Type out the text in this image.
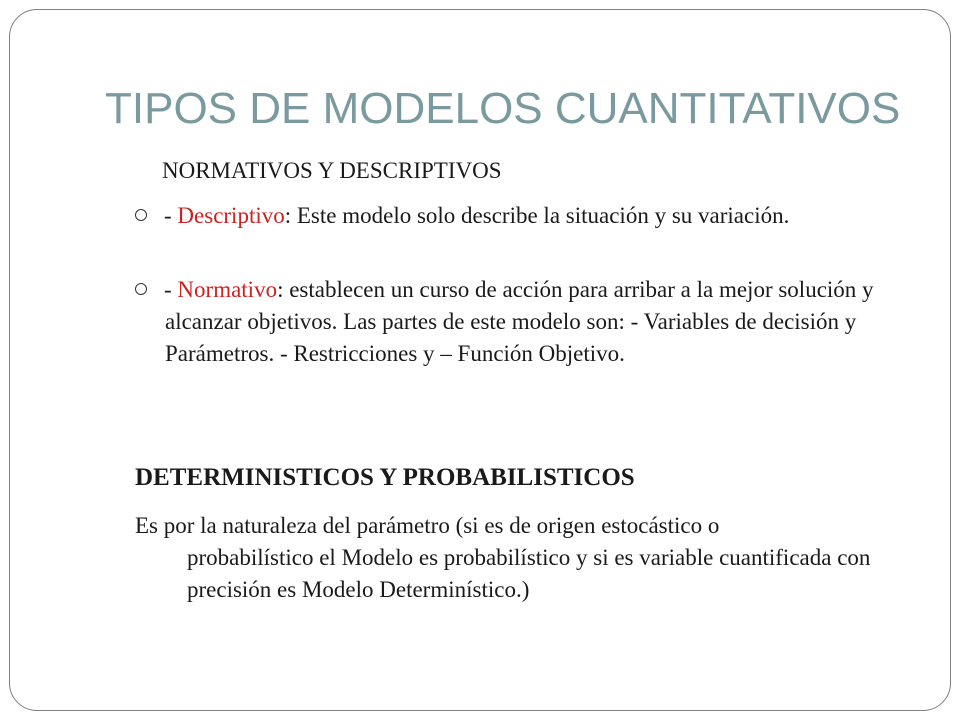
TIPOS DE MODELOS CUANTITATIVOS
NORMATIVOS Y DESCRIPTIVOS
- Descriptivo: Este modelo solo describe la situación y su variación.
- Normativo: establecen un curso de acción para arribar a la mejor solución y alcanzar objetivos. Las partes de este modelo son: - Variables de decisión y Parámetros. - Restricciones y – Función Objetivo.
DETERMINISTICOS Y PROBABILISTICOS
Es por la naturaleza del parámetro (si es de origen estocástico o
probabilístico el Modelo es probabilístico y si es variable cuantificada con precisión es Modelo Determinístico.)
